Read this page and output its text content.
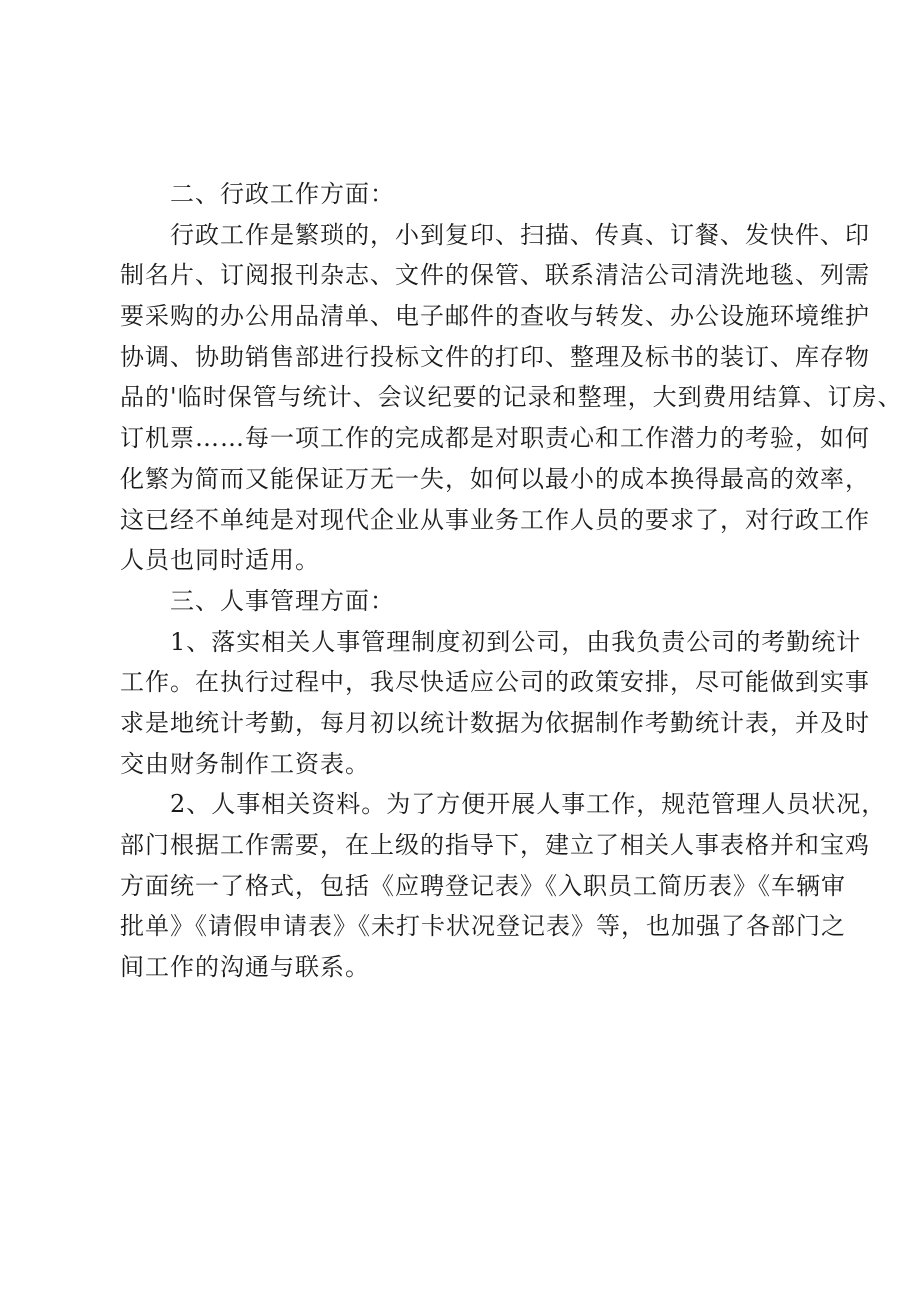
二、行政工作方面：
行政工作是繁琐的，小到复印、扫描、传真、订餐、发快件、印
制名片、订阅报刊杂志、文件的保管、联系清洁公司清洗地毯、列需
要采购的办公用品清单、电子邮件的查收与转发、办公设施环境维护
协调、协助销售部进行投标文件的打印、整理及标书的装订、库存物
品的'临时保管与统计、会议纪要的记录和整理，大到费用结算、订房、
订机票……每一项工作的完成都是对职责心和工作潜力的考验，如何
化繁为简而又能保证万无一失，如何以最小的成本换得最高的效率，
这已经不单纯是对现代企业从事业务工作人员的要求了，对行政工作
人员也同时适用。
三、人事管理方面：
1、落实相关人事管理制度初到公司，由我负责公司的考勤统计
工作。在执行过程中，我尽快适应公司的政策安排，尽可能做到实事
求是地统计考勤，每月初以统计数据为依据制作考勤统计表，并及时
交由财务制作工资表。
2、人事相关资料。为了方便开展人事工作，规范管理人员状况，
部门根据工作需要，在上级的指导下，建立了相关人事表格并和宝鸡
方面统一了格式，包括《应聘登记表》《入职员工简历表》《车辆审
批单》《请假申请表》《未打卡状况登记表》等，也加强了各部门之
间工作的沟通与联系。
